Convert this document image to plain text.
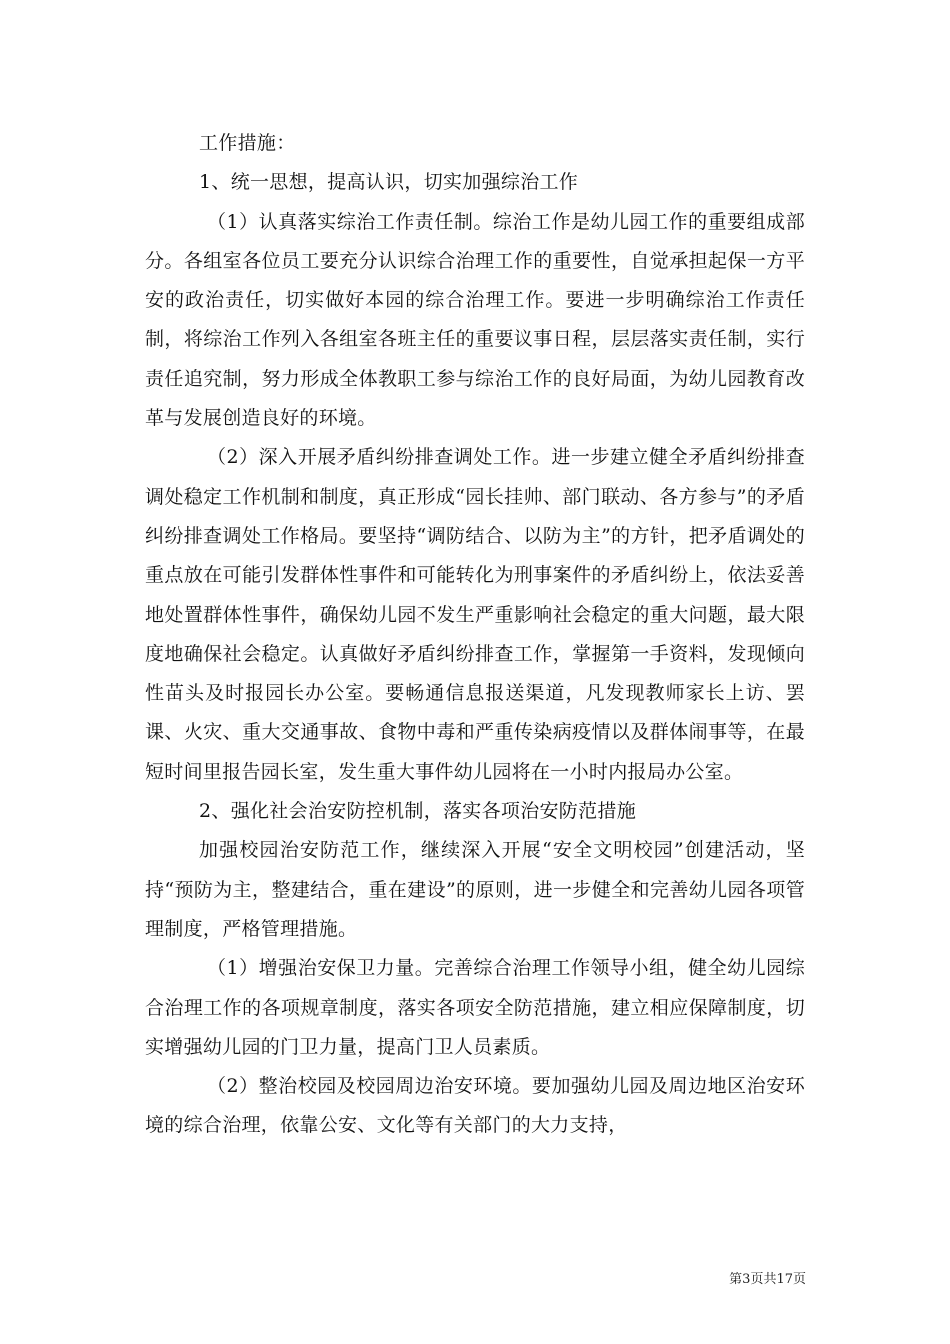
工作措施：

1、统一思想，提高认识，切实加强综治工作

（1）认真落实综治工作责任制。综治工作是幼儿园工作的重要组成部分。各组室各位员工要充分认识综合治理工作的重要性，自觉承担起保一方平安的政治责任，切实做好本园的综合治理工作。要进一步明确综治工作责任制，将综治工作列入各组室各班主任的重要议事日程，层层落实责任制，实行责任追究制，努力形成全体教职工参与综治工作的良好局面，为幼儿园教育改革与发展创造良好的环境。

（2）深入开展矛盾纠纷排查调处工作。进一步建立健全矛盾纠纷排查调处稳定工作机制和制度，真正形成“园长挂帅、部门联动、各方参与”的矛盾纠纷排查调处工作格局。要坚持“调防结合、以防为主”的方针，把矛盾调处的重点放在可能引发群体性事件和可能转化为刑事案件的矛盾纠纷上，依法妥善地处置群体性事件，确保幼儿园不发生严重影响社会稳定的重大问题，最大限度地确保社会稳定。认真做好矛盾纠纷排查工作，掌握第一手资料，发现倾向性苗头及时报园长办公室。要畅通信息报送渠道，凡发现教师家长上访、罢课、火灾、重大交通事故、食物中毒和严重传染病疫情以及群体闹事等，在最短时间里报告园长室，发生重大事件幼儿园将在一小时内报局办公室。

2、强化社会治安防控机制，落实各项治安防范措施

加强校园治安防范工作，继续深入开展“安全文明校园”创建活动，坚持“预防为主，整建结合，重在建设”的原则，进一步健全和完善幼儿园各项管理制度，严格管理措施。

（1）增强治安保卫力量。完善综合治理工作领导小组，健全幼儿园综合治理工作的各项规章制度，落实各项安全防范措施，建立相应保障制度，切实增强幼儿园的门卫力量，提高门卫人员素质。

（2）整治校园及校园周边治安环境。要加强幼儿园及周边地区治安环境的综合治理，依靠公安、文化等有关部门的大力支持，

第3页共17页
